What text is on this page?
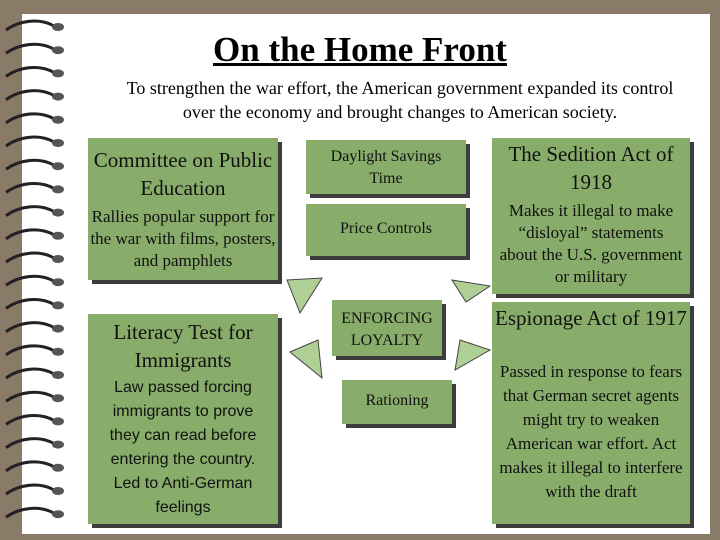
On the Home Front
To strengthen the war effort, the American government expanded its control over the economy and brought changes to American society.
Committee on Public Education
Rallies popular support for the war with films, posters, and pamphlets
Literacy Test for Immigrants
Law passed forcing immigrants to prove they can read before entering the country. Led to Anti-German feelings
Daylight Savings Time
Price Controls
ENFORCING LOYALTY
Rationing
The Sedition Act of 1918
Makes it illegal to make “disloyal” statements about the U.S. government or military
Espionage Act of 1917
Passed in response to fears that German secret agents might try to weaken American war effort. Act makes it illegal to interfere with the draft
